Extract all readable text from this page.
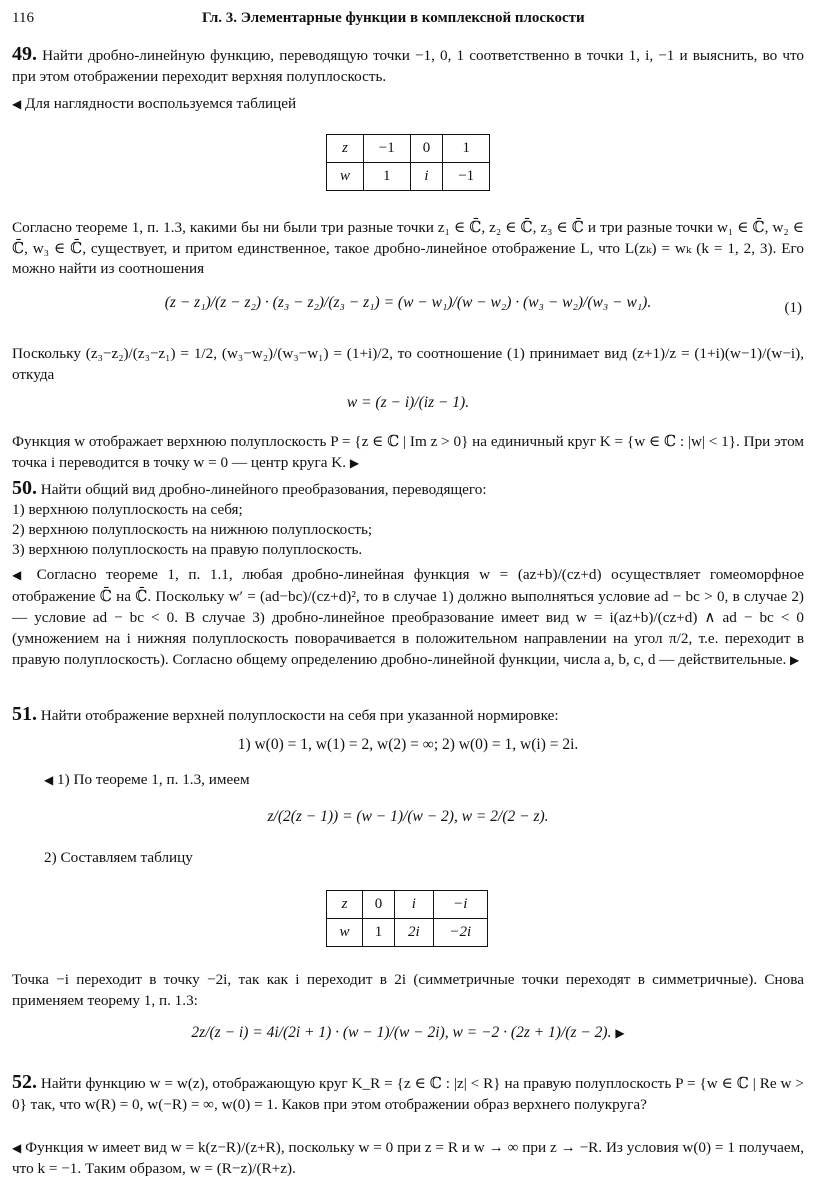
116	Гл. 3. Элементарные функции в комплексной плоскости
49. Найти дробно-линейную функцию, переводящую точки −1, 0, 1 соответственно в точки 1, i, −1 и выяснить, во что при этом отображении переходит верхняя полуплоскость.
◀ Для наглядности воспользуемся таблицей
z	−1	0	1
w	1	i	−1
Согласно теореме 1, п. 1.3, какими бы ни были три разные точки z₁ ∈ ℂ̄, z₂ ∈ ℂ̄, z₃ ∈ ℂ̄ и три разные точки w₁ ∈ ℂ̄, w₂ ∈ ℂ̄, w₃ ∈ ℂ̄, существует, и притом единственное, такое дробно-линейное отображение L, что L(zₖ) = wₖ (k = 1, 2, 3). Его можно найти из соотношения
(z − z₁)/(z − z₂) · (z₃ − z₂)/(z₃ − z₁) = (w − w₁)/(w − w₂) · (w₃ − w₂)/(w₃ − w₁).	(1)
Поскольку (z₃−z₂)/(z₃−z₁) = 1/2, (w₃−w₂)/(w₃−w₁) = (1+i)/2, то соотношение (1) принимает вид (z+1)/z = (1+i)(w−1)/(w−i), откуда
w = (z − i)/(iz − 1).
Функция w отображает верхнюю полуплоскость P = {z ∈ ℂ | Im z > 0} на единичный круг K = {w ∈ ℂ : |w| < 1}. При этом точка i переводится в точку w = 0 — центр круга K. ▶
50. Найти общий вид дробно-линейного преобразования, переводящего:
1) верхнюю полуплоскость на себя;
2) верхнюю полуплоскость на нижнюю полуплоскость;
3) верхнюю полуплоскость на правую полуплоскость.
◀ Согласно теореме 1, п. 1.1, любая дробно-линейная функция w = (az+b)/(cz+d) осуществляет гомеоморфное отображение ℂ̄ на ℂ̄. Поскольку w′ = (ad−bc)/(cz+d)², то в случае 1) должно выполняться условие ad − bc > 0, в случае 2) — условие ad − bc < 0. В случае 3) дробно-линейное преобразование имеет вид w = i(az+b)/(cz+d) ∧ ad − bc < 0 (умножением на i нижняя полуплоскость поворачивается в положительном направлении на угол π/2, т.е. переходит в правую полуплоскость). Согласно общему определению дробно-линейной функции, числа a, b, c, d — действительные. ▶
51. Найти отображение верхней полуплоскости на себя при указанной нормировке:
1) w(0) = 1, w(1) = 2, w(2) = ∞; 2) w(0) = 1, w(i) = 2i.
◀ 1) По теореме 1, п. 1.3, имеем
z/(2(z − 1)) = (w − 1)/(w − 2), w = 2/(2 − z).
2) Составляем таблицу
z	0	i	−i
w	1	2i	−2i
Точка −i переходит в точку −2i, так как i переходит в 2i (симметричные точки переходят в симметричные). Снова применяем теорему 1, п. 1.3:
2z/(z − i) = 4i/(2i + 1) · (w − 1)/(w − 2i), w = −2 · (2z + 1)/(z − 2). ▶
52. Найти функцию w = w(z), отображающую круг K_R = {z ∈ ℂ : |z| < R} на правую полуплоскость P = {w ∈ ℂ | Re w > 0} так, что w(R) = 0, w(−R) = ∞, w(0) = 1. Каков при этом отображении образ верхнего полукруга?
◀ Функция w имеет вид w = k(z−R)/(z+R), поскольку w = 0 при z = R и w → ∞ при z → −R. Из условия w(0) = 1 получаем, что k = −1. Таким образом, w = (R−z)/(R+z).
